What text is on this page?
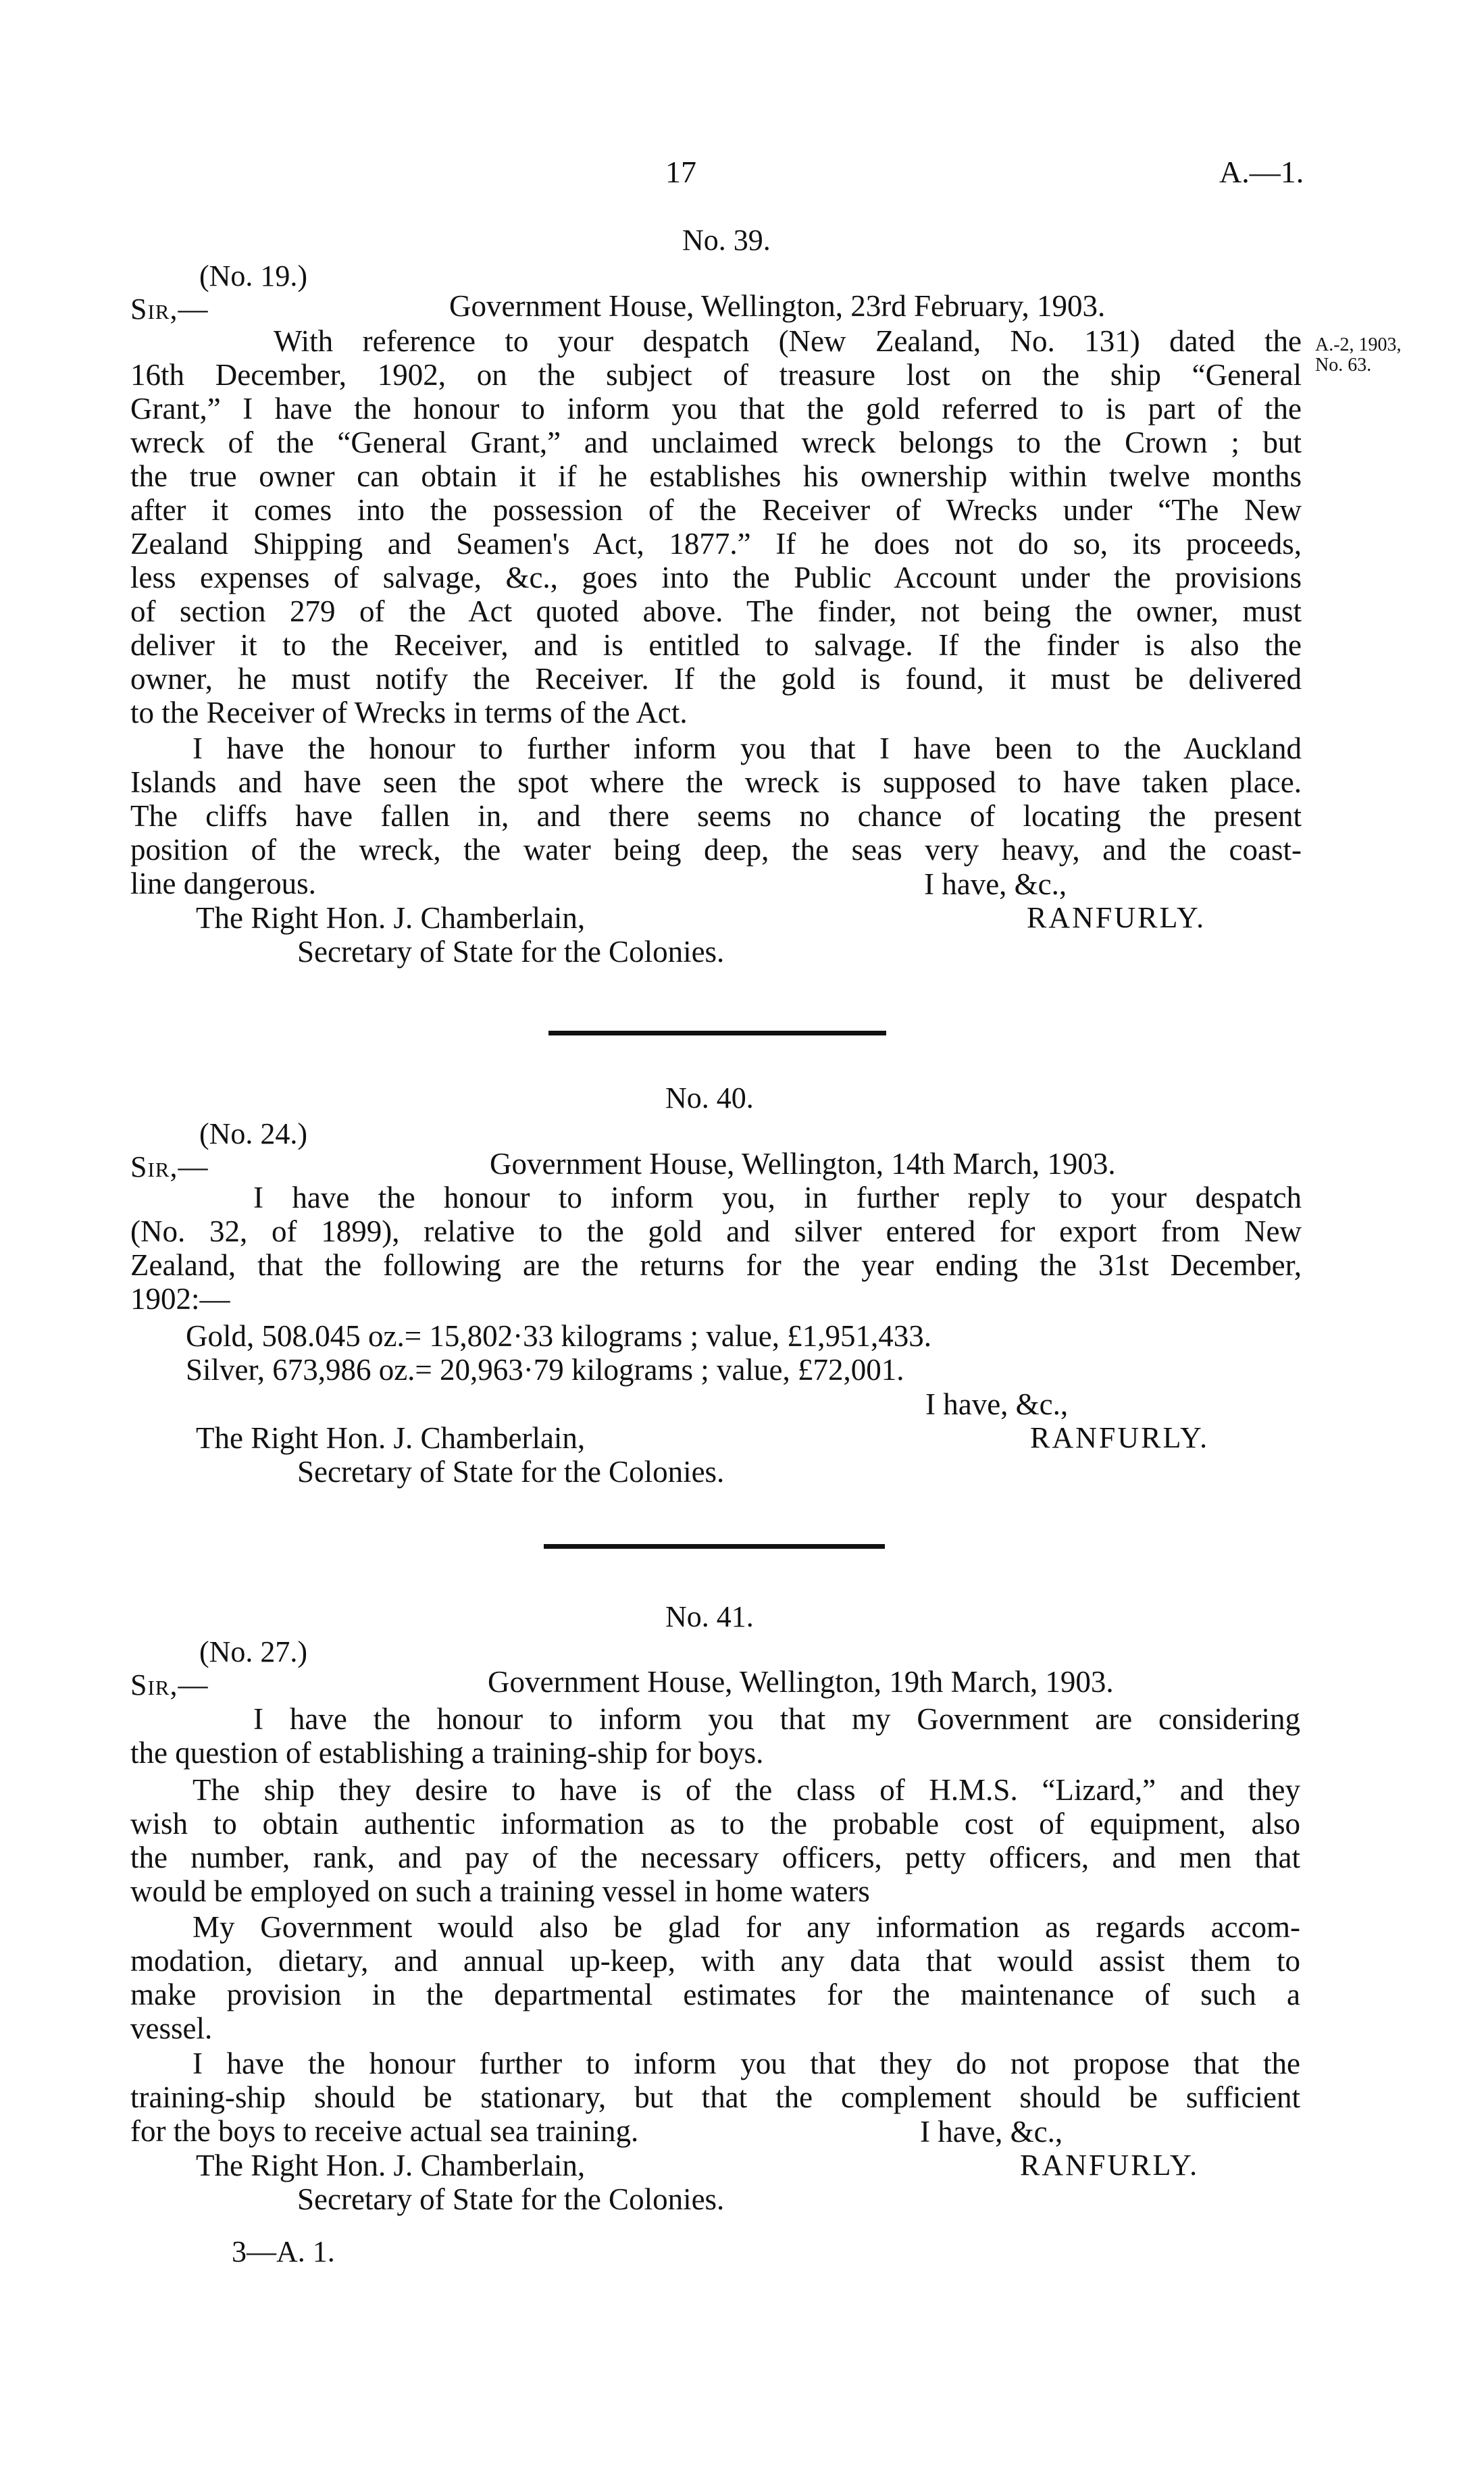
17	A.—1.
No. 39.
(No. 19.)
Sir,—	Government House, Wellington, 23rd February, 1903.
A.-2, 1903,
No. 63.
With reference to your despatch (New Zealand, No. 131) dated the
16th December, 1902, on the subject of treasure lost on the ship “General
Grant,” I have the honour to inform you that the gold referred to is part of the
wreck of the “General Grant,” and unclaimed wreck belongs to the Crown ; but
the true owner can obtain it if he establishes his ownership within twelve months
after it comes into the possession of the Receiver of Wrecks under “The New
Zealand Shipping and Seamen's Act, 1877.” If he does not do so, its proceeds,
less expenses of salvage, &c., goes into the Public Account under the provisions
of section 279 of the Act quoted above. The finder, not being the owner, must
deliver it to the Receiver, and is entitled to salvage. If the finder is also the
owner, he must notify the Receiver. If the gold is found, it must be delivered
to the Receiver of Wrecks in terms of the Act.
I have the honour to further inform you that I have been to the Auckland
Islands and have seen the spot where the wreck is supposed to have taken place.
The cliffs have fallen in, and there seems no chance of locating the present
position of the wreck, the water being deep, the seas very heavy, and the coast-
line dangerous.	I have, &c.,
The Right Hon. J. Chamberlain,	RANFURLY.
Secretary of State for the Colonies.
No. 40.
(No. 24.)
Sir,—	Government House, Wellington, 14th March, 1903.
I have the honour to inform you, in further reply to your despatch
(No. 32, of 1899), relative to the gold and silver entered for export from New
Zealand, that the following are the returns for the year ending the 31st December,
1902:—
Gold, 508.045 oz.= 15,802·33 kilograms ; value, £1,951,433.
Silver, 673,986 oz.= 20,963·79 kilograms ; value, £72,001.
I have, &c.,
The Right Hon. J. Chamberlain,	RANFURLY.
Secretary of State for the Colonies.
No. 41.
(No. 27.)
Sir,—	Government House, Wellington, 19th March, 1903.
I have the honour to inform you that my Government are considering
the question of establishing a training-ship for boys.
The ship they desire to have is of the class of H.M.S. “Lizard,” and they
wish to obtain authentic information as to the probable cost of equipment, also
the number, rank, and pay of the necessary officers, petty officers, and men that
would be employed on such a training vessel in home waters
My Government would also be glad for any information as regards accom-
modation, dietary, and annual up-keep, with any data that would assist them to
make provision in the departmental estimates for the maintenance of such a
vessel.
I have the honour further to inform you that they do not propose that the
training-ship should be stationary, but that the complement should be sufficient
for the boys to receive actual sea training.	I have, &c.,
The Right Hon. J. Chamberlain,	RANFURLY.
Secretary of State for the Colonies.
3—A. 1.
